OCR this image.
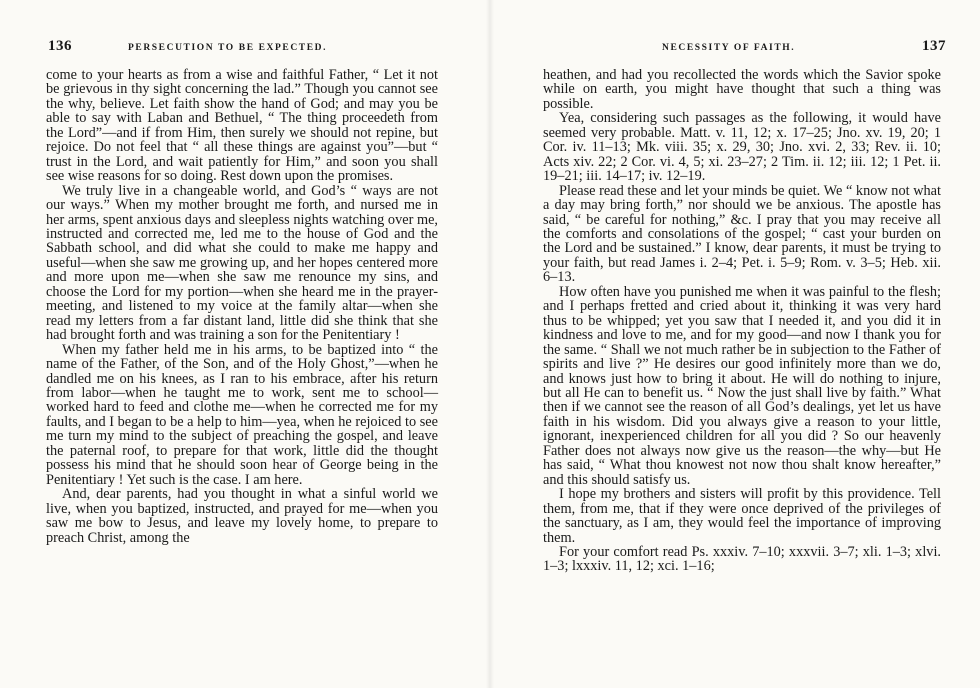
136	PERSECUTION TO BE EXPECTED.

come to your hearts as from a wise and faithful Father, “ Let it not be grievous in thy sight concerning the lad.” Though you cannot see the why, believe. Let faith show the hand of God; and may you be able to say with Laban and Bethuel, “ The thing proceedeth from the Lord”—and if from Him, then surely we should not repine, but rejoice. Do not feel that “ all these things are against you”—but “ trust in the Lord, and wait patiently for Him,” and soon you shall see wise reasons for so doing. Rest down upon the promises.

We truly live in a changeable world, and God’s “ ways are not our ways.” When my mother brought me forth, and nursed me in her arms, spent anxious days and sleepless nights watching over me, instructed and corrected me, led me to the house of God and the Sabbath school, and did what she could to make me happy and useful—when she saw me growing up, and her hopes centered more and more upon me—when she saw me renounce my sins, and choose the Lord for my portion—when she heard me in the prayer-meeting, and listened to my voice at the family altar—when she read my letters from a far distant land, little did she think that she had brought forth and was training a son for the Penitentiary !

When my father held me in his arms, to be baptized into “ the name of the Father, of the Son, and of the Holy Ghost,”—when he dandled me on his knees, as I ran to his embrace, after his return from labor—when he taught me to work, sent me to school—worked hard to feed and clothe me—when he corrected me for my faults, and I began to be a help to him—yea, when he rejoiced to see me turn my mind to the subject of preaching the gospel, and leave the paternal roof, to prepare for that work, little did the thought possess his mind that he should soon hear of George being in the Penitentiary ! Yet such is the case. I am here.

And, dear parents, had you thought in what a sinful world we live, when you baptized, instructed, and prayed for me—when you saw me bow to Jesus, and leave my lovely home, to prepare to preach Christ, among the

NECESSITY OF FAITH.	137

heathen, and had you recollected the words which the Savior spoke while on earth, you might have thought that such a thing was possible.

Yea, considering such passages as the following, it would have seemed very probable. Matt. v. 11, 12; x. 17–25; Jno. xv. 19, 20; 1 Cor. iv. 11–13; Mk. viii. 35; x. 29, 30; Jno. xvi. 2, 33; Rev. ii. 10; Acts xiv. 22; 2 Cor. vi. 4, 5; xi. 23–27; 2 Tim. ii. 12; iii. 12; 1 Pet. ii. 19–21; iii. 14–17; iv. 12–19.

Please read these and let your minds be quiet. We “ know not what a day may bring forth,” nor should we be anxious. The apostle has said, “ be careful for nothing,” &c. I pray that you may receive all the comforts and consolations of the gospel; “ cast your burden on the Lord and be sustained.” I know, dear parents, it must be trying to your faith, but read James i. 2–4; Pet. i. 5–9; Rom. v. 3–5; Heb. xii. 6–13.

How often have you punished me when it was painful to the flesh; and I perhaps fretted and cried about it, thinking it was very hard thus to be whipped; yet you saw that I needed it, and you did it in kindness and love to me, and for my good—and now I thank you for the same. “ Shall we not much rather be in subjection to the Father of spirits and live ?” He desires our good infinitely more than we do, and knows just how to bring it about. He will do nothing to injure, but all He can to benefit us. “ Now the just shall live by faith.” What then if we cannot see the reason of all God’s dealings, yet let us have faith in his wisdom. Did you always give a reason to your little, ignorant, inexperienced children for all you did ? So our heavenly Father does not always now give us the reason—the why—but He has said, “ What thou knowest not now thou shalt know hereafter,” and this should satisfy us.

I hope my brothers and sisters will profit by this providence. Tell them, from me, that if they were once deprived of the privileges of the sanctuary, as I am, they would feel the importance of improving them.

For your comfort read Ps. xxxiv. 7–10; xxxvii. 3–7; xli. 1–3; xlvi. 1–3; lxxxiv. 11, 12; xci. 1–16;
